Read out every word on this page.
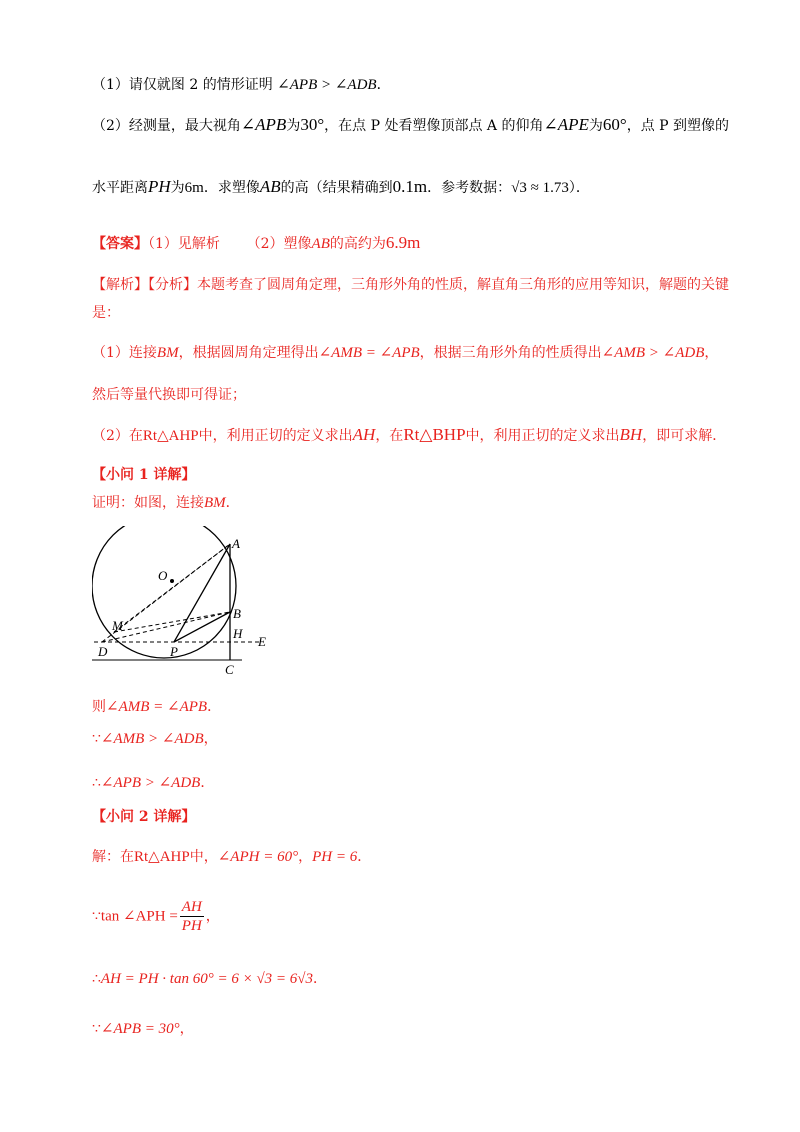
（1）请仅就图 2 的情形证明 ∠APB > ∠ADB．
（2）经测量，最大视角∠APB为30°，在点 P 处看塑像顶部点 A 的仰角∠APE为60°，点 P 到塑像的
水平距离PH为6m．求塑像AB的高（结果精确到0.1m．参考数据：√3 ≈ 1.73）．
【答案】（1）见解析 （2）塑像AB的高约为6.9m
【解析】【分析】本题考查了圆周角定理，三角形外角的性质，解直角三角形的应用等知识，解题的关键
是：
（1）连接BM，根据圆周角定理得出∠AMB = ∠APB，根据三角形外角的性质得出∠AMB > ∠ADB，
然后等量代换即可得证；
（2）在Rt△AHP中，利用正切的定义求出AH，在Rt△BHP中，利用正切的定义求出BH，即可求解．
【小问 1 详解】
证明：如图，连接BM．
A
O
B
M
H
E
D	P
C
则∠AMB = ∠APB．
∵∠AMB > ∠ADB，
∴∠APB > ∠ADB．
【小问 2 详解】
解：在Rt△AHP中，∠APH = 60°，PH = 6．
∵tan ∠APH = $\frac{AH}{PH}$ ，
∴AH = PH · tan 60° = 6 × √3 = 6√3．
∵∠APB = 30°，
